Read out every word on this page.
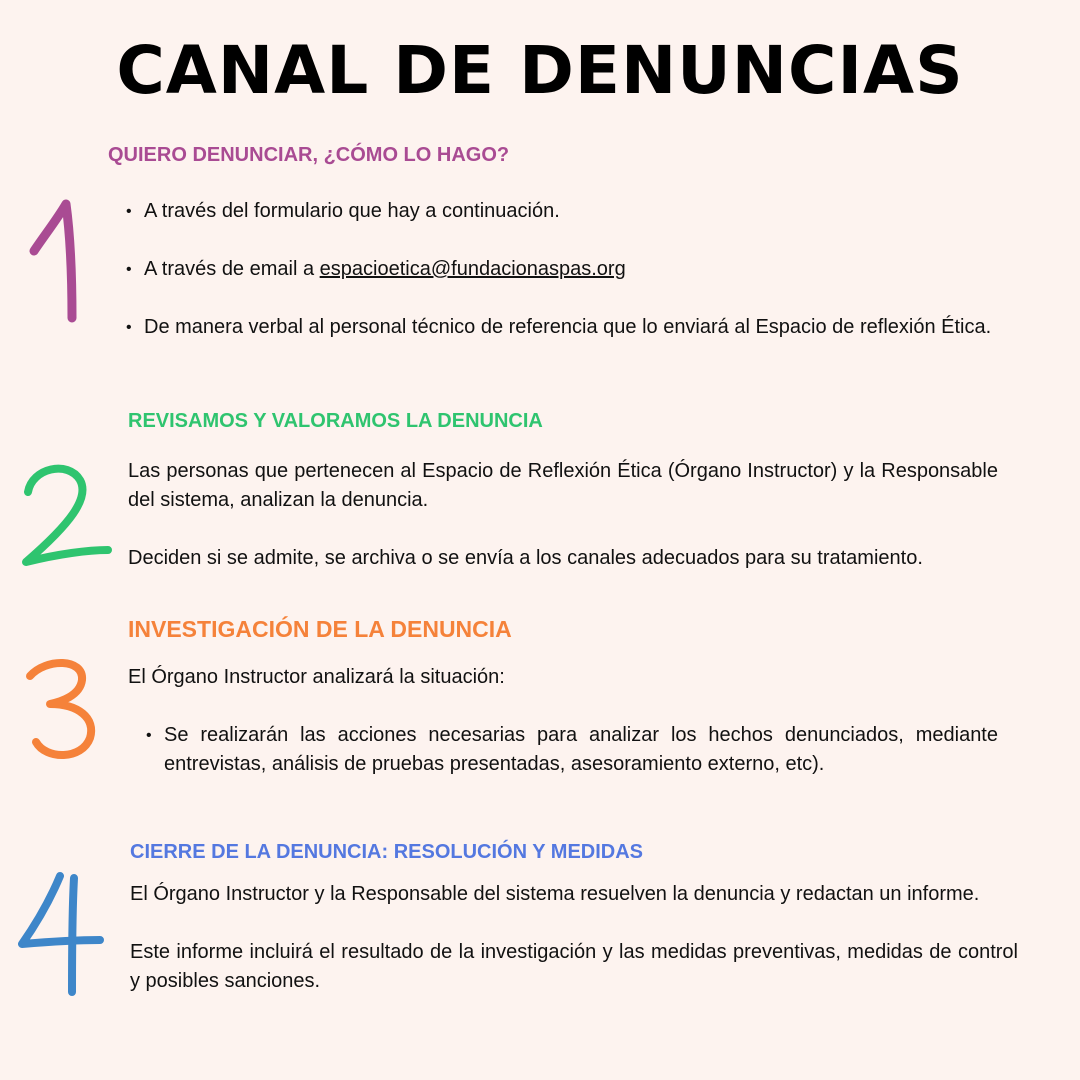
CANAL DE DENUNCIAS
QUIERO DENUNCIAR, ¿CÓMO LO HAGO?
• A través del formulario que hay a continuación.
• A través de email a espacioetica@fundacionaspas.org
• De manera verbal al personal técnico de referencia que lo enviará al Espacio de reflexión Ética.
REVISAMOS Y VALORAMOS LA DENUNCIA

Las personas que pertenecen al Espacio de Reflexión Ética (Órgano Instructor) y la Responsable del sistema, analizan la denuncia.

Deciden si se admite, se archiva o se envía a los canales adecuados para su tratamiento.

INVESTIGACIÓN DE LA DENUNCIA

El Órgano Instructor analizará la situación:

• Se realizarán las acciones necesarias para analizar los hechos denunciados, mediante entrevistas, análisis de pruebas presentadas, asesoramiento externo, etc).
CIERRE DE LA DENUNCIA: RESOLUCIÓN Y MEDIDAS

El Órgano Instructor y la Responsable del sistema resuelven la denuncia y redactan un informe.

Este informe incluirá el resultado de la investigación y las medidas preventivas, medidas de control y posibles sanciones.
